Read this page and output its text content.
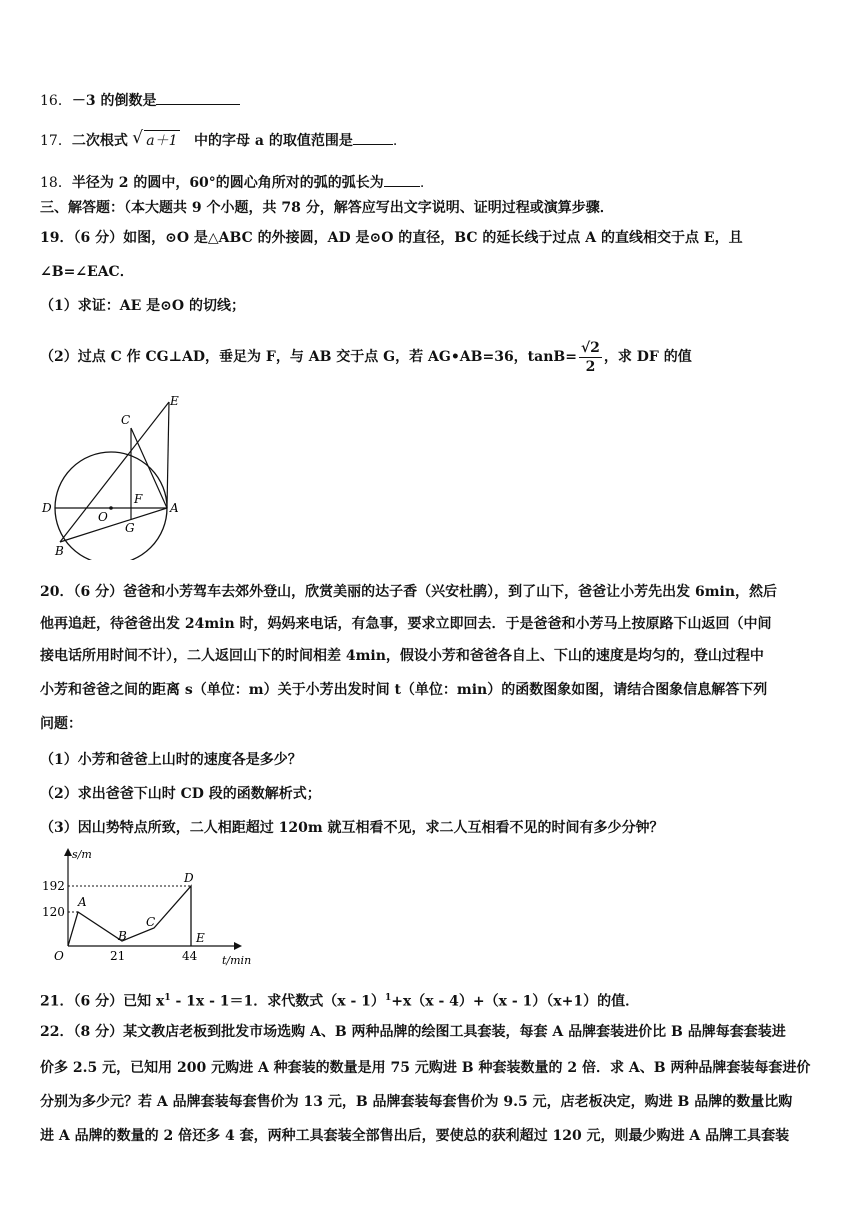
16．－3 的倒数是
17．二次根式 √ a＋1 中的字母 a 的取值范围是	.
18．半径为 2 的圆中，60°的圆心角所对的弧的弧长为	.
三、解答题：（本大题共 9 个小题，共 78 分，解答应写出文字说明、证明过程或演算步骤．
19．（6 分）如图，⊙O 是△ABC 的外接圆，AD 是⊙O 的直径，BC 的延长线于过点 A 的直线相交于点 E，且
∠B=∠EAC．
（1）求证：AE 是⊙O 的切线；
（2）过点 C 作 CG⊥AD，垂足为 F，与 AB 交于点 G，若 AG•AB=36，$\tan B= \frac{√2}{2}$ ，求 DF 的值
E
C
D
O
F
A
G
B
20．（6 分）爸爸和小芳驾车去郊外登山，欣赏美丽的达子香（兴安杜鹃），到了山下，爸爸让小芳先出发 6min，然后
他再追赶，待爸爸出发 24min 时，妈妈来电话，有急事，要求立即回去．于是爸爸和小芳马上按原路下山返回（中间
接电话所用时间不计），二人返回山下的时间相差 4min，假设小芳和爸爸各自上、下山的速度是均匀的，登山过程中
小芳和爸爸之间的距离 s（单位：m）关于小芳出发时间 t（单位：min）的函数图象如图，请结合图象信息解答下列
问题：
（1）小芳和爸爸上山时的速度各是多少？
（2）求出爸爸下山时 CD 段的函数解析式；
（3）因山势特点所致，二人相距超过 120m 就互相看不见，求二人互相看不见的时间有多少分钟？
s/m
t/min
192
120
O	21	44
A
B
C
D
E
21．（6 分）已知 $x^1 - 1x - 1=1$．求代数式（x - 1）$^1$+x（x - 4）+（x - 1）（x+1）的值．
22．（8 分）某文教店老板到批发市场选购 A、B 两种品牌的绘图工具套装，每套 A 品牌套装进价比 B 品牌每套套装进
价多 2.5 元，已知用 200 元购进 A 种套装的数量是用 75 元购进 B 种套装数量的 2 倍．求 A、B 两种品牌套装每套进价
分别为多少元？若 A 品牌套装每套售价为 13 元，B 品牌套装每套售价为 9.5 元，店老板决定，购进 B 品牌的数量比购
进 A 品牌的数量的 2 倍还多 4 套，两种工具套装全部售出后，要使总的获利超过 120 元，则最少购进 A 品牌工具套装
